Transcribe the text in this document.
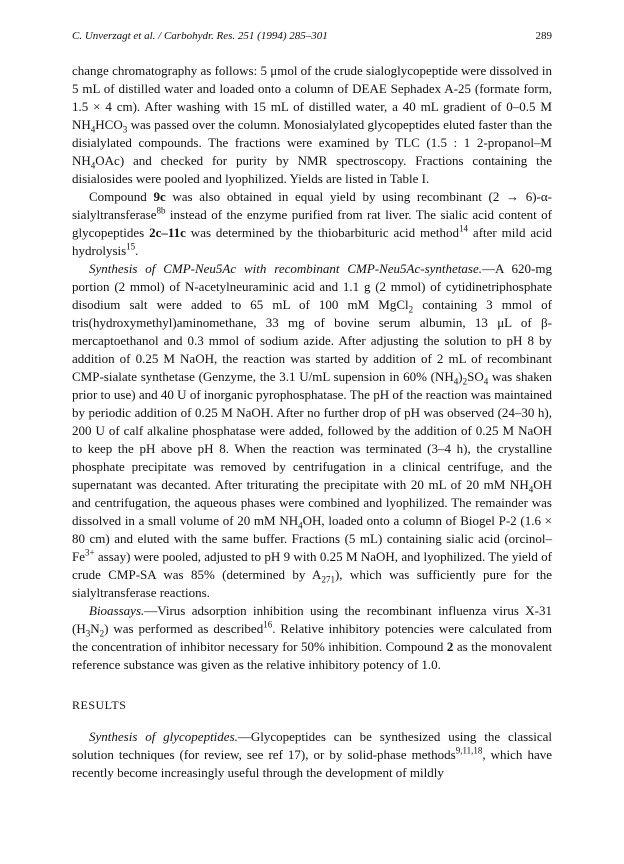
C. Unverzagt et al. / Carbohydr. Res. 251 (1994) 285–301	289

change chromatography as follows: 5 μmol of the crude sialoglycopeptide were dissolved in 5 mL of distilled water and loaded onto a column of DEAE Sephadex A-25 (formate form, 1.5 × 4 cm). After washing with 15 mL of distilled water, a 40 mL gradient of 0–0.5 M $NH_4HCO_3$ was passed over the column. Monosialylated glycopeptides eluted faster than the disialylated compounds. The fractions were examined by TLC (1.5 : 1 2-propanol–M $NH_4OAc$) and checked for purity by NMR spectroscopy. Fractions containing the disialosides were pooled and lyophilized. Yields are listed in Table I.

Compound 9c was also obtained in equal yield by using recombinant (2 → 6)-α-sialyltransferase$^{8b}$ instead of the enzyme purified from rat liver. The sialic acid content of glycopeptides 2c–11c was determined by the thiobarbituric acid method$^{14}$ after mild acid hydrolysis$^{15}$.

Synthesis of CMP-Neu5Ac with recombinant CMP-Neu5Ac-synthetase.—A 620-mg portion (2 mmol) of N-acetylneuraminic acid and 1.1 g (2 mmol) of cytidinetriphosphate disodium salt were added to 65 mL of 100 mM MgCl$_2$ containing 3 mmol of tris(hydroxymethyl)aminomethane, 33 mg of bovine serum albumin, 13 μL of β-mercaptoethanol and 0.3 mmol of sodium azide. After adjusting the solution to pH 8 by addition of 0.25 M NaOH, the reaction was started by addition of 2 mL of recombinant CMP-sialate synthetase (Genzyme, the 3.1 U/mL supension in 60% $(NH_4)_2SO_4$ was shaken prior to use) and 40 U of inorganic pyrophosphatase. The pH of the reaction was maintained by periodic addition of 0.25 M NaOH. After no further drop of pH was observed (24–30 h), 200 U of calf alkaline phosphatase were added, followed by the addition of 0.25 M NaOH to keep the pH above pH 8. When the reaction was terminated (3–4 h), the crystalline phosphate precipitate was removed by centrifugation in a clinical centrifuge, and the supernatant was decanted. After triturating the precipitate with 20 mL of 20 mM $NH_4OH$ and centrifugation, the aqueous phases were combined and lyophilized. The remainder was dissolved in a small volume of 20 mM $NH_4OH$, loaded onto a column of Biogel P-2 (1.6 × 80 cm) and eluted with the same buffer. Fractions (5 mL) containing sialic acid ($orcinol-Fe^{3+}$ assay) were pooled, adjusted to pH 9 with 0.25 M NaOH, and lyophilized. The yield of crude CMP-SA was 85% (determined by $A_{271}$), which was sufficiently pure for the sialyltransferase reactions.

Bioassays.—Virus adsorption inhibition using the recombinant influenza virus X-31 $(H_3N_2)$ was performed as described$^{16}$. Relative inhibitory potencies were calculated from the concentration of inhibitor necessary for 50% inhibition. Compound 2 as the monovalent reference substance was given as the relative inhibitory potency of 1.0.

RESULTS

Synthesis of glycopeptides.—Glycopeptides can be synthesized using the classical solution techniques (for review, see ref 17), or by solid-phase methods$^{9,11,18}$, which have recently become increasingly useful through the development of mildly
